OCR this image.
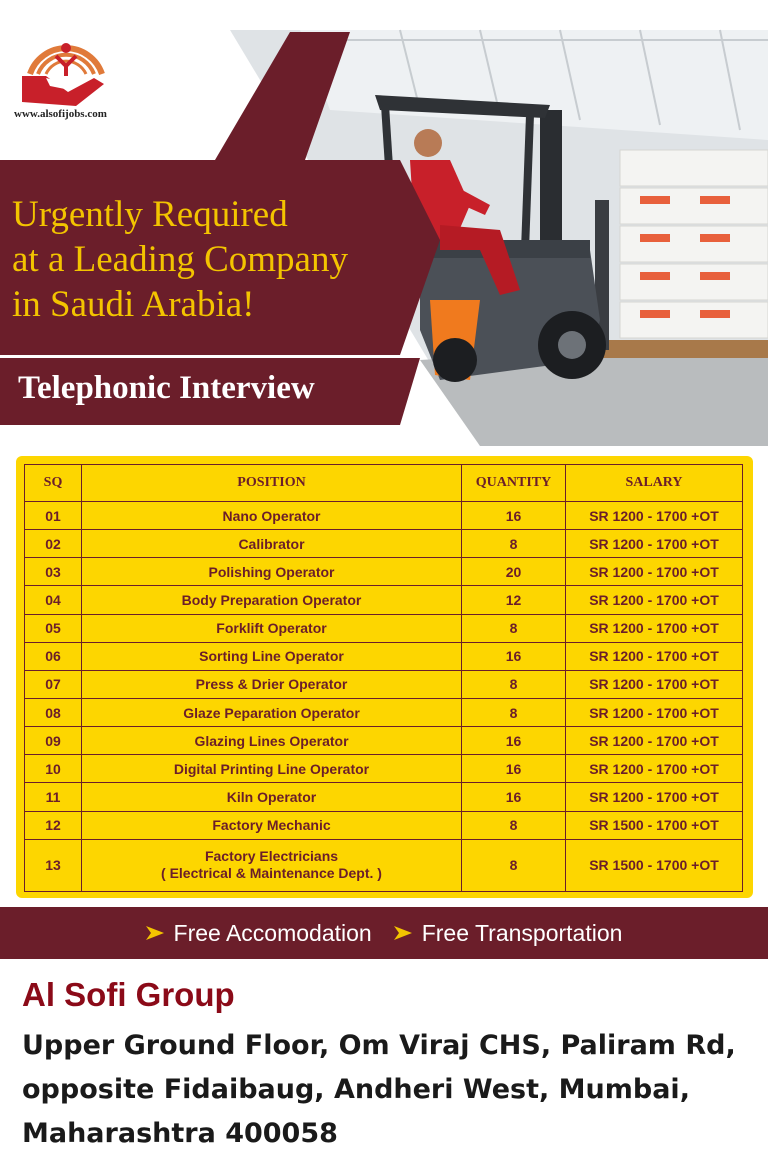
www.alsofijobs.com
Urgently Required
at a Leading Company
in Saudi Arabia!
Telephonic Interview
SQ	POSITION	QUANTITY	SALARY
01	Nano Operator	16	SR 1200 - 1700 +OT
02	Calibrator	8	SR 1200 - 1700 +OT
03	Polishing Operator	20	SR 1200 - 1700 +OT
04	Body Preparation Operator	12	SR 1200 - 1700 +OT
05	Forklift Operator	8	SR 1200 - 1700 +OT
06	Sorting Line Operator	16	SR 1200 - 1700 +OT
07	Press & Drier Operator	8	SR 1200 - 1700 +OT
08	Glaze Peparation Operator	8	SR 1200 - 1700 +OT
09	Glazing Lines Operator	16	SR 1200 - 1700 +OT
10	Digital Printing Line Operator	16	SR 1200 - 1700 +OT
11	Kiln Operator	16	SR 1200 - 1700 +OT
12	Factory Mechanic	8	SR 1500 - 1700 +OT
13	Factory Electricians
( Electrical & Maintenance Dept. )	8	SR 1500 - 1700 +OT
Free Accomodation Free Transportation
Al Sofi Group
Upper Ground Floor, Om Viraj CHS, Paliram Rd,
opposite Fidaibaug, Andheri West, Mumbai,
Maharashtra 400058
